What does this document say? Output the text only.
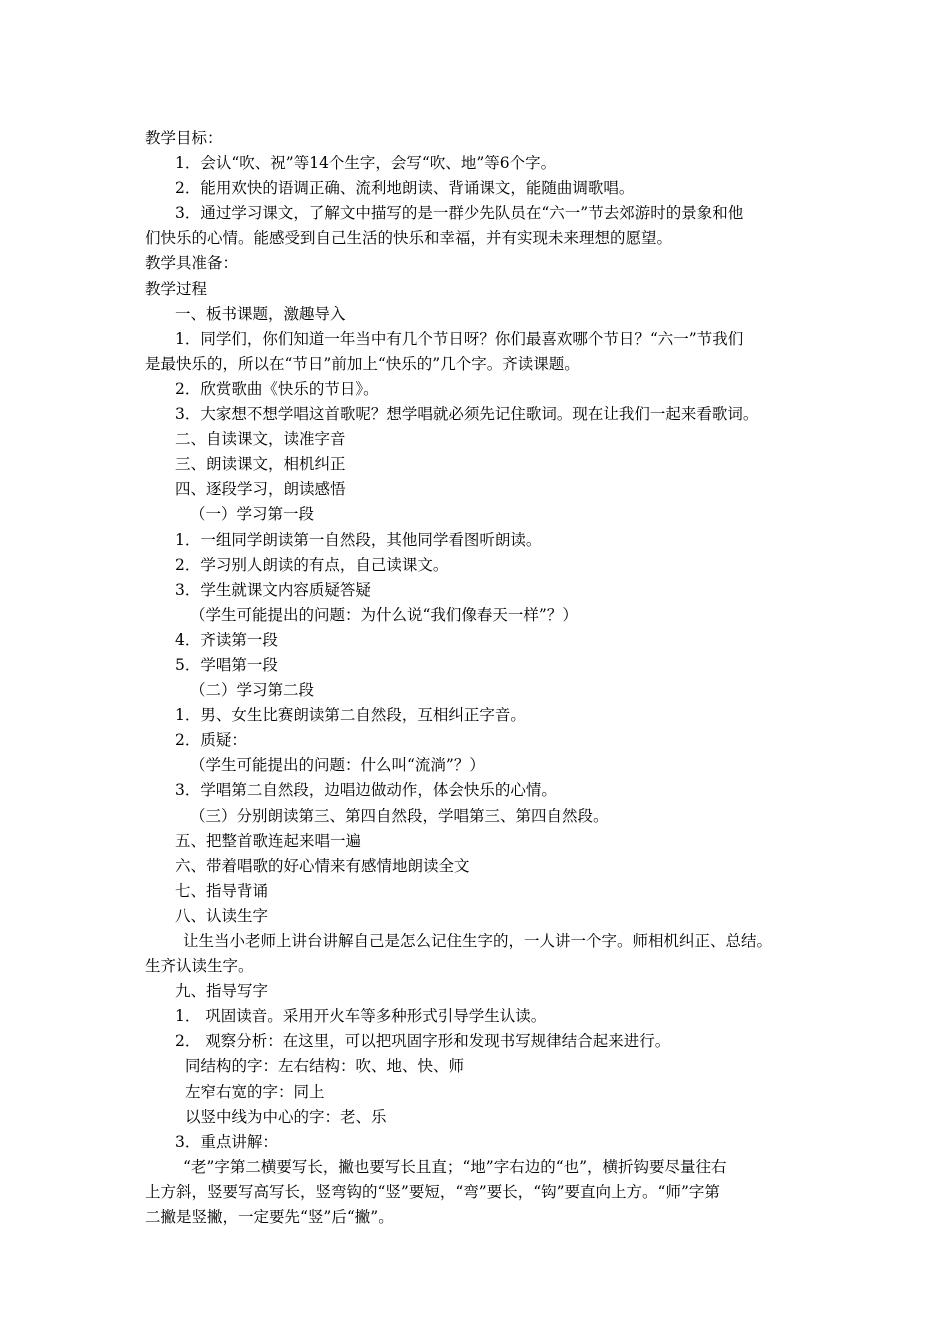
教学目标：
1．会认“吹、祝”等14个生字，会写“吹、地”等6个字。
2．能用欢快的语调正确、流利地朗读、背诵课文，能随曲调歌唱。
3．通过学习课文，了解文中描写的是一群少先队员在“六一”节去郊游时的景象和他
们快乐的心情。能感受到自己生活的快乐和幸福，并有实现未来理想的愿望。
教学具准备：
教学过程
一、板书课题，激趣导入
1．同学们，你们知道一年当中有几个节日呀？你们最喜欢哪个节日？“六一”节我们
是最快乐的，所以在“节日”前加上“快乐的”几个字。齐读课题。
2．欣赏歌曲《快乐的节日》。
3．大家想不想学唱这首歌呢？想学唱就必须先记住歌词。现在让我们一起来看歌词。
二、自读课文，读准字音
三、朗读课文，相机纠正
四、逐段学习，朗读感悟
（一）学习第一段
1．一组同学朗读第一自然段，其他同学看图听朗读。
2．学习别人朗读的有点，自己读课文。
3．学生就课文内容质疑答疑
（学生可能提出的问题：为什么说“我们像春天一样”？）
4．齐读第一段
5．学唱第一段
（二）学习第二段
1．男、女生比赛朗读第二自然段，互相纠正字音。
2．质疑：
（学生可能提出的问题：什么叫“流淌”？）
3．学唱第二自然段，边唱边做动作，体会快乐的心情。
（三）分别朗读第三、第四自然段，学唱第三、第四自然段。
五、把整首歌连起来唱一遍
六、带着唱歌的好心情来有感情地朗读全文
七、指导背诵
八、认读生字
让生当小老师上讲台讲解自己是怎么记住生字的，一人讲一个字。师相机纠正、总结。
生齐认读生字。
九、指导写字
1． 巩固读音。采用开火车等多种形式引导学生认读。
2． 观察分析：在这里，可以把巩固字形和发现书写规律结合起来进行。
同结构的字：左右结构：吹、地、快、师
左窄右宽的字：同上
以竖中线为中心的字：老、乐
3．重点讲解：
“老”字第二横要写长，撇也要写长且直；“地”字右边的“也”，横折钩要尽量往右
上方斜，竖要写高写长，竖弯钩的“竖”要短，“弯”要长，“钩”要直向上方。“师”字第
二撇是竖撇，一定要先“竖”后“撇”。
